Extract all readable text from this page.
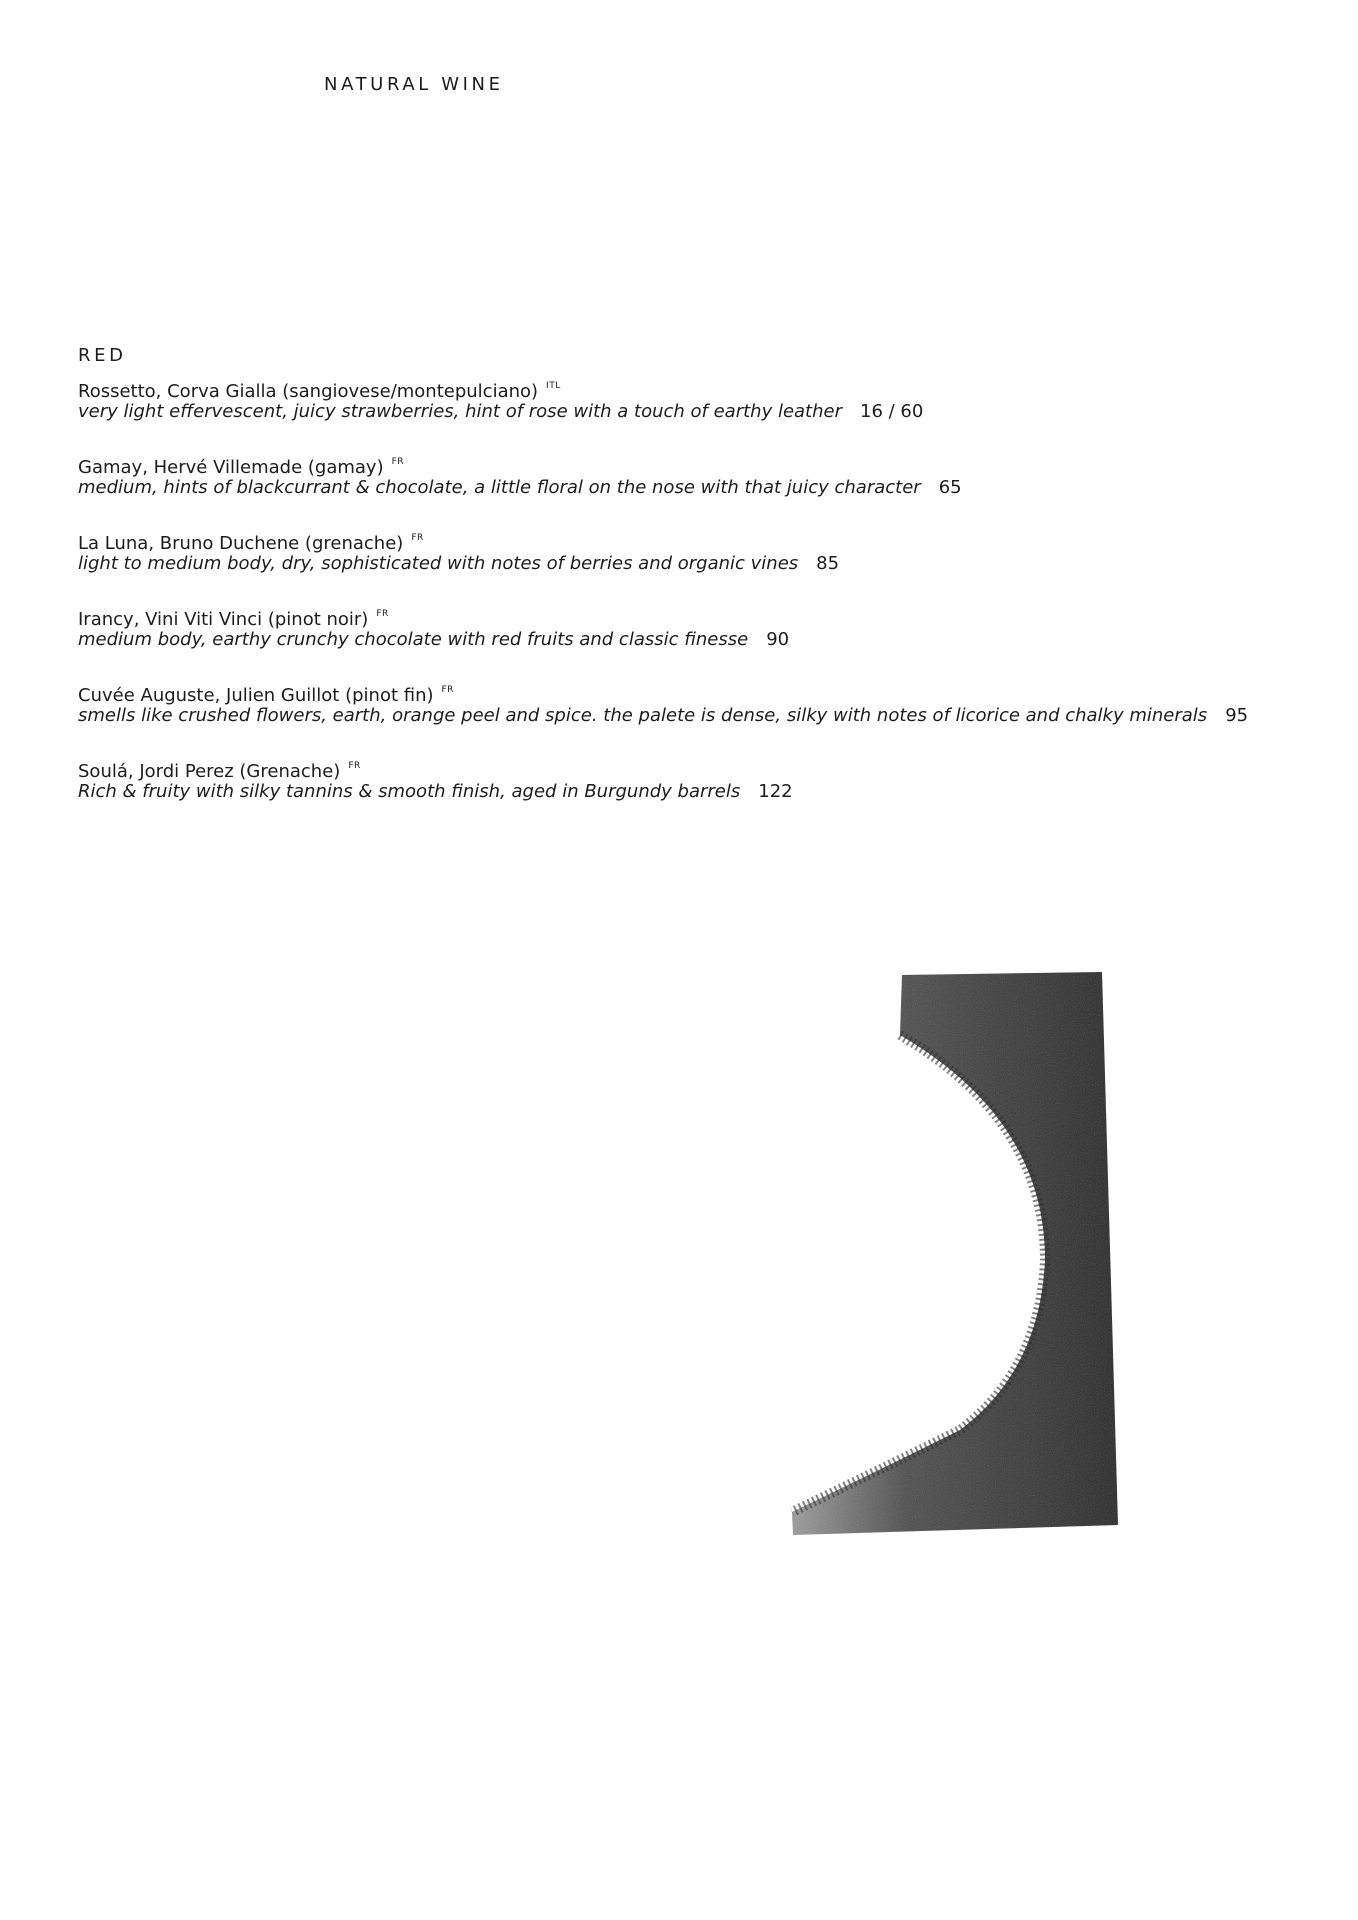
NATURAL WINE
RED
Rossetto, Corva Gialla (sangiovese/montepulciano) $^{ITL}$
very light effervescent, juicy strawberries, hint of rose with a touch of earthy leather 16 / 60
Gamay, Hervé Villemade (gamay) $^{FR}$
medium, hints of blackcurrant & chocolate, a little floral on the nose with that juicy character 65
La Luna, Bruno Duchene (grenache) $^{FR}$
light to medium body, dry, sophisticated with notes of berries and organic vines 85
Irancy, Vini Viti Vinci (pinot noir) $^{FR}$
medium body, earthy crunchy chocolate with red fruits and classic finesse 90
Cuvée Auguste, Julien Guillot (pinot fin) $^{FR}$
smells like crushed flowers, earth, orange peel and spice. the palete is dense, silky with notes of licorice and chalky minerals 95
Soulá, Jordi Perez (Grenache) $^{FR}$
Rich & fruity with silky tannins & smooth finish, aged in Burgundy barrels 122
